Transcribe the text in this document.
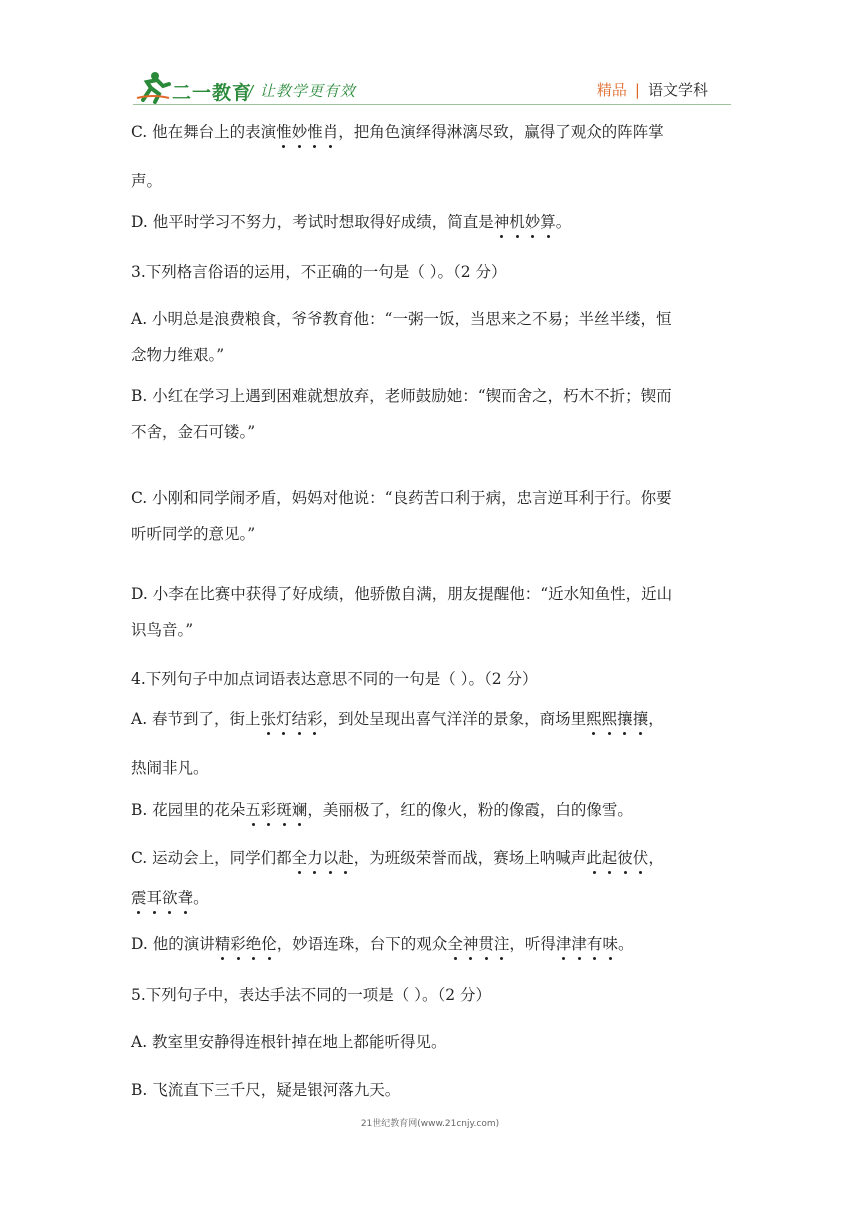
二一教育
/ 让教学更有效	精品 | 语文学科
C. 他在舞台上的表演惟妙惟肖，把角色演绎得淋漓尽致，赢得了观众的阵阵掌
声。
D. 他平时学习不努力，考试时想取得好成绩，简直是神机妙算。
3.下列格言俗语的运用，不正确的一句是（ ）。（2 分）
A. 小明总是浪费粮食，爷爷教育他：“一粥一饭，当思来之不易；半丝半缕，恒
念物力维艰。”
B. 小红在学习上遇到困难就想放弃，老师鼓励她：“锲而舍之，朽木不折；锲而
不舍，金石可镂。”
C. 小刚和同学闹矛盾，妈妈对他说：“良药苦口利于病，忠言逆耳利于行。你要
听听同学的意见。”
D. 小李在比赛中获得了好成绩，他骄傲自满，朋友提醒他：“近水知鱼性，近山
识鸟音。”
4.下列句子中加点词语表达意思不同的一句是（ ）。（2 分）
A. 春节到了，街上张灯结彩，到处呈现出喜气洋洋的景象，商场里熙熙攘攘，
热闹非凡。
B. 花园里的花朵五彩斑斓，美丽极了，红的像火，粉的像霞，白的像雪。
C. 运动会上，同学们都全力以赴，为班级荣誉而战，赛场上呐喊声此起彼伏，
震耳欲聋。
D. 他的演讲精彩绝伦，妙语连珠，台下的观众全神贯注，听得津津有味。
5.下列句子中，表达手法不同的一项是（ ）。（2 分）
A. 教室里安静得连根针掉在地上都能听得见。
B. 飞流直下三千尺，疑是银河落九天。
21世纪教育网(www.21cnjy.com)
